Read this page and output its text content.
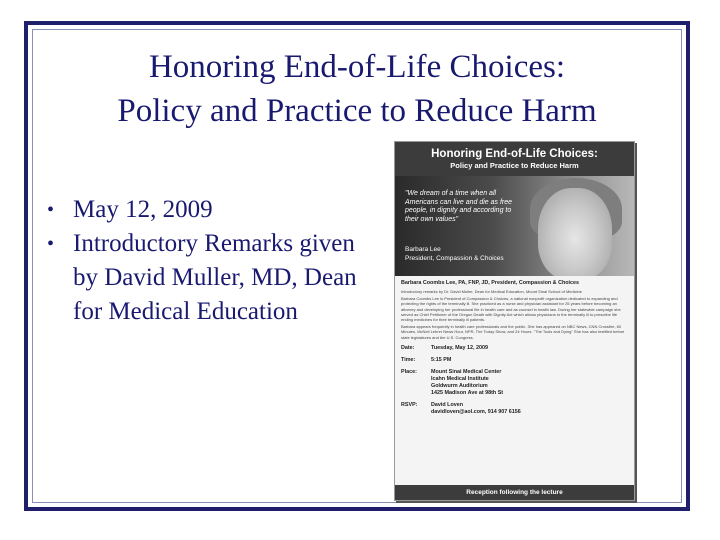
Honoring End-of-Life Choices:
Policy and Practice to Reduce Harm
• May 12, 2009
• Introductory Remarks given by David Muller, MD, Dean for Medical Education
Honoring End-of-Life Choices:
Policy and Practice to Reduce Harm
"We dream of a time when all Americans can live and die as free people, in dignity and according to their own values"
Barbara Lee
President, Compassion & Choices
Barbara Coombs Lee, PA, FNP, JD, President, Compassion & Choices
Introductory remarks by Dr. David Muller, Dean for Medical Education, Mount Sinai School of Medicine
Barbara Coombs Lee is President of Compassion & Choices, a national nonprofit organization dedicated to expanding and protecting the rights of the terminally ill. She practiced as a nurse and physician assistant for 25 years before becoming an attorney and developing her professional life in health care and as counsel in health law. During her statewide campaign she served as Chief Petitioner of the Oregon Death with Dignity Act which allows physicians to the terminally ill to prescribe life ending medicines for their terminally ill patients.
Barbara appears frequently in health care professionals and the public. She has appeared on NBC News, CNN Crossfire, 60 Minutes, McNeil Lehrer News Hour, NPR, The Today Show, and 24 Hours. "The Tools and Dying" She has also testified before state legislatures and the U.S. Congress.
Date:	Tuesday, May 12, 2009
Time:	5:15 PM
Place:	Mount Sinai Medical Center
Icahn Medical Institute
Goldwurm Auditorium
1425 Madison Ave at 98th St
RSVP:	David Loven
davidloven@aol.com, 914 907 6156
Reception following the lecture
